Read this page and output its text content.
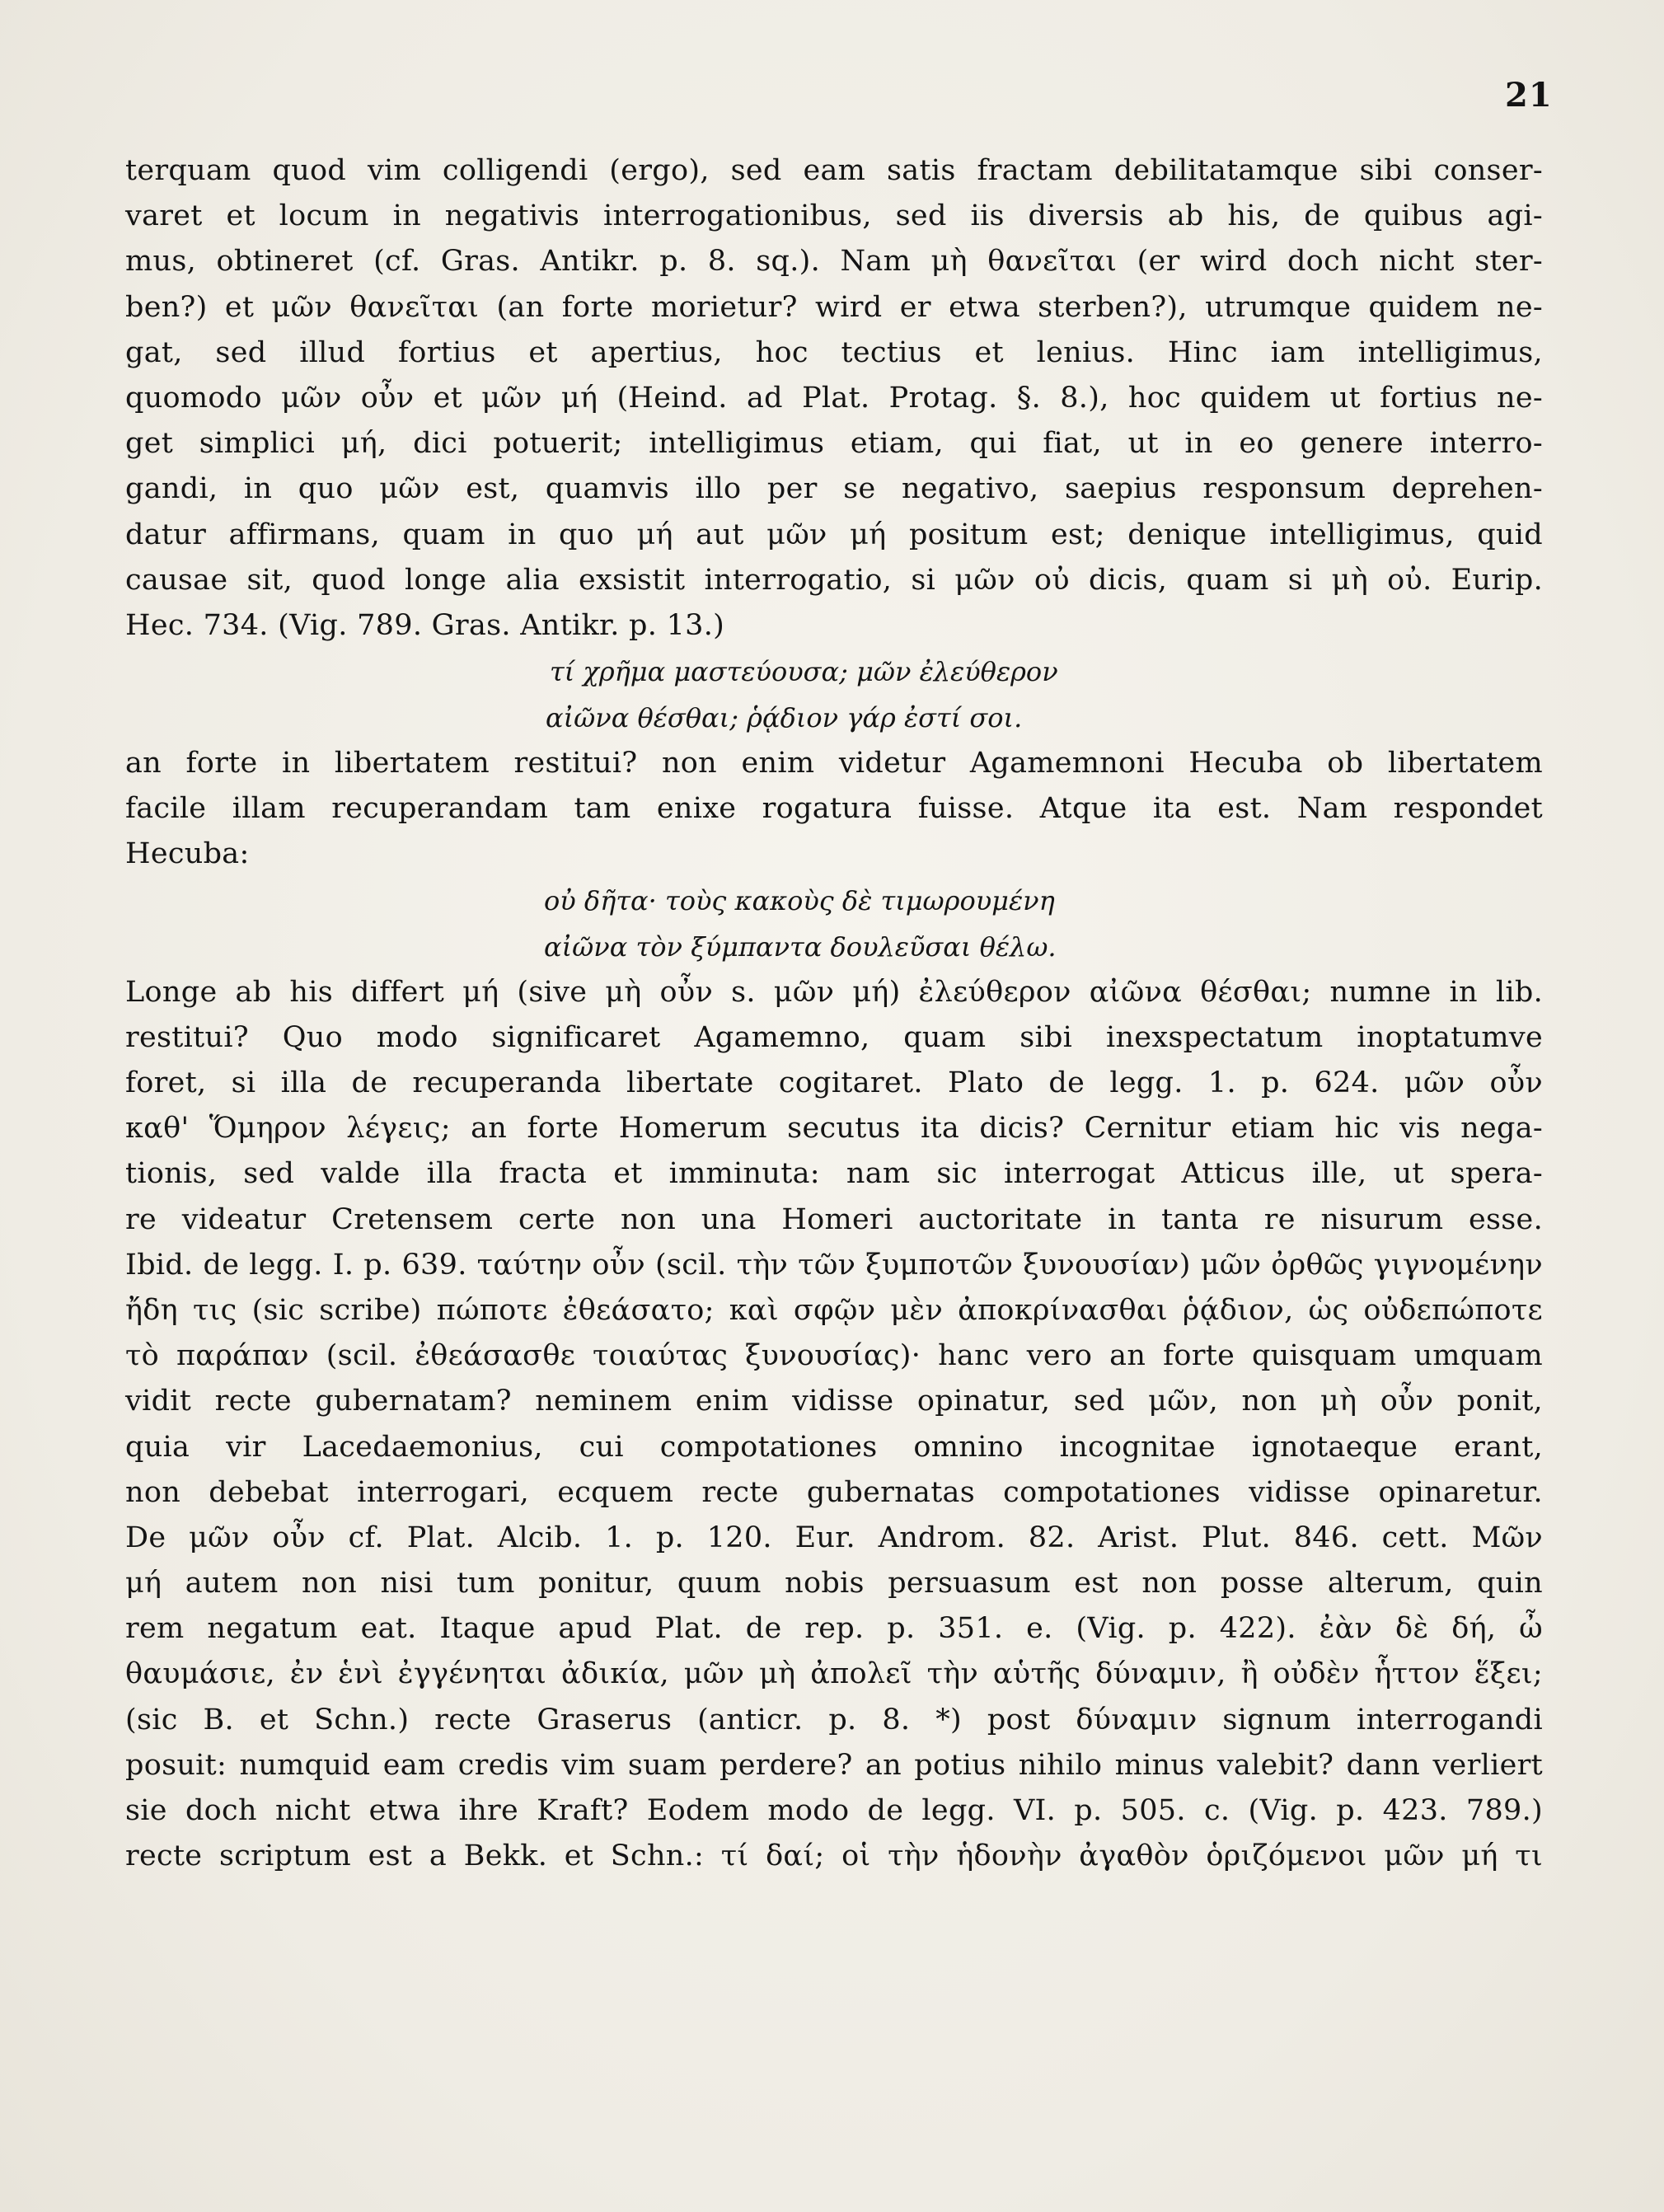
21
terquam quod vim colligendi (ergo), sed eam satis fractam debilitatamque sibi conser-
varet et locum in negativis interrogationibus, sed iis diversis ab his, de quibus agi-
mus, obtineret (cf. Gras. Antikr. p. 8. sq.). Nam μὴ θανεῖται (er wird doch nicht ster-
ben?) et μῶν θανεῖται (an forte morietur? wird er etwa sterben?), utrumque quidem ne-
gat, sed illud fortius et apertius, hoc tectius et lenius. Hinc iam intelligimus,
quomodo μῶν οὖν et μῶν μή (Heind. ad Plat. Protag. §. 8.), hoc quidem ut fortius ne-
get simplici μή, dici potuerit; intelligimus etiam, qui fiat, ut in eo genere interro-
gandi, in quo μῶν est, quamvis illo per se negativo, saepius responsum deprehen-
datur affirmans, quam in quo μή aut μῶν μή positum est; denique intelligimus, quid
causae sit, quod longe alia exsistit interrogatio, si μῶν οὐ dicis, quam si μὴ οὐ. Eurip.
Hec. 734. (Vig. 789. Gras. Antikr. p. 13.)
τί χρῆμα μαστεύουσα; μῶν ἐλεύθερον
αἰῶνα θέσθαι; ῥᾴδιον γάρ ἐστί σοι.
an forte in libertatem restitui? non enim videtur Agamemnoni Hecuba ob libertatem
facile illam recuperandam tam enixe rogatura fuisse. Atque ita est. Nam respondet
Hecuba:
οὐ δῆτα· τοὺς κακοὺς δὲ τιμωρουμένη
αἰῶνα τὸν ξύμπαντα δουλεῦσαι θέλω.
Longe ab his differt μή (sive μὴ οὖν s. μῶν μή) ἐλεύθερον αἰῶνα θέσθαι; numne in lib.
restitui? Quo modo significaret Agamemno, quam sibi inexspectatum inoptatumve
foret, si illa de recuperanda libertate cogitaret. Plato de legg. 1. p. 624. μῶν οὖν
καθ' Ὅμηρον λέγεις; an forte Homerum secutus ita dicis? Cernitur etiam hic vis nega-
tionis, sed valde illa fracta et imminuta: nam sic interrogat Atticus ille, ut spera-
re videatur Cretensem certe non una Homeri auctoritate in tanta re nisurum esse.
Ibid. de legg. I. p. 639. ταύτην οὖν (scil. τὴν τῶν ξυμποτῶν ξυνουσίαν) μῶν ὀρθῶς γιγνομένην
ἤδη τις (sic scribe) πώποτε ἐθεάσατο; καὶ σφῷν μὲν ἀποκρίνασθαι ῥᾴδιον, ὡς οὐδεπώποτε
τὸ παράπαν (scil. ἐθεάσασθε τοιαύτας ξυνουσίας)· hanc vero an forte quisquam umquam
vidit recte gubernatam? neminem enim vidisse opinatur, sed μῶν, non μὴ οὖν ponit,
quia vir Lacedaemonius, cui compotationes omnino incognitae ignotaeque erant,
non debebat interrogari, ecquem recte gubernatas compotationes vidisse opinaretur.
De μῶν οὖν cf. Plat. Alcib. 1. p. 120. Eur. Androm. 82. Arist. Plut. 846. cett. Μῶν
μή autem non nisi tum ponitur, quum nobis persuasum est non posse alterum, quin
rem negatum eat. Itaque apud Plat. de rep. p. 351. e. (Vig. p. 422). ἐὰν δὲ δή, ὦ
θαυμάσιε, ἐν ἑνὶ ἐγγένηται ἀδικία, μῶν μὴ ἀπολεῖ τὴν αὑτῆς δύναμιν, ἢ οὐδὲν ἧττον ἕξει;
(sic B. et Schn.) recte Graserus (anticr. p. 8. *) post δύναμιν signum interrogandi
posuit: numquid eam credis vim suam perdere? an potius nihilo minus valebit? dann verliert
sie doch nicht etwa ihre Kraft? Eodem modo de legg. VI. p. 505. c. (Vig. p. 423. 789.)
recte scriptum est a Bekk. et Schn.: τί δαί; οἱ τὴν ἡδονὴν ἀγαθὸν ὁριζόμενοι μῶν μή τι
